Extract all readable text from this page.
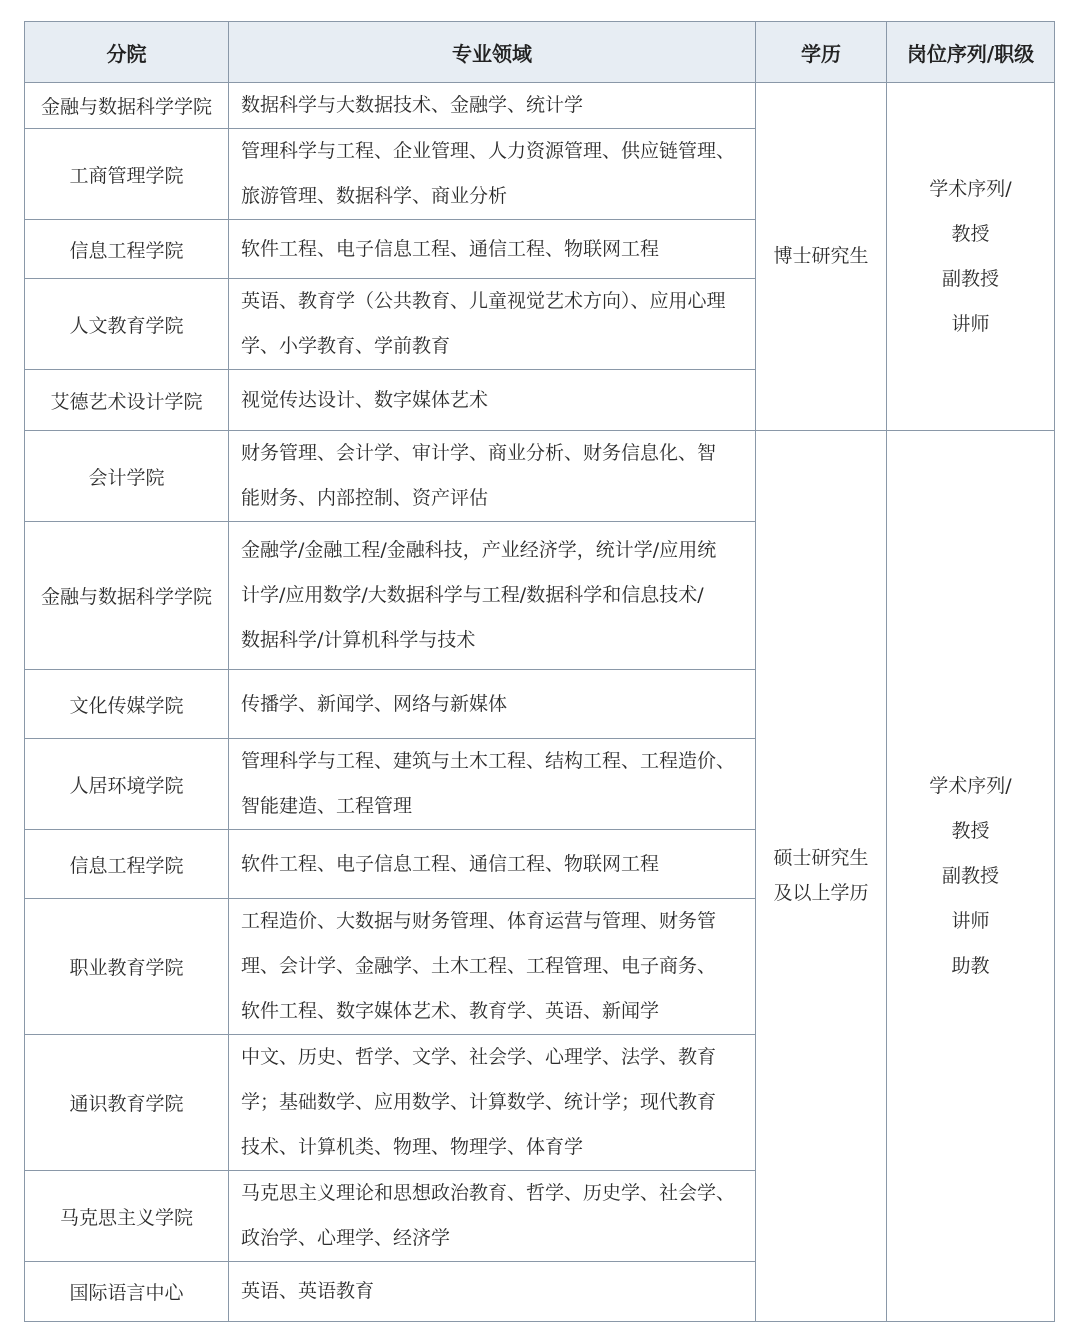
分院	专业领域	学历	岗位序列/职级
金融与数据科学学院	数据科学与大数据技术、金融学、统计学	博士研究生	学术序列/
教授
副教授
讲师

工商管理学院	管理科学与工程、企业管理、人力资源管理、供应链管理、
旅游管理、数据科学、商业分析		

信息工程学院	软件工程、电子信息工程、通信工程、物联网工程		

人文教育学院	英语、教育学（公共教育、儿童视觉艺术方向）、应用心理
学、小学教育、学前教育		

艾德艺术设计学院	视觉传达设计、数字媒体艺术		

会计学院	财务管理、会计学、审计学、商业分析、财务信息化、智
能财务、内部控制、资产评估	硕士研究生
及以上学历	学术序列/
教授
副教授
讲师
助教

金融与数据科学学院	金融学/金融工程/金融科技，产业经济学，统计学/应用统
计学/应用数学/大数据科学与工程/数据科学和信息技术/
数据科学/计算机科学与技术		

文化传媒学院	传播学、新闻学、网络与新媒体		

人居环境学院	管理科学与工程、建筑与土木工程、结构工程、工程造价、
智能建造、工程管理		

信息工程学院	软件工程、电子信息工程、通信工程、物联网工程		

职业教育学院	工程造价、大数据与财务管理、体育运营与管理、财务管
理、会计学、金融学、土木工程、工程管理、电子商务、
软件工程、数字媒体艺术、教育学、英语、新闻学		

通识教育学院	中文、历史、哲学、文学、社会学、心理学、法学、教育
学；基础数学、应用数学、计算数学、统计学；现代教育
技术、计算机类、物理、物理学、体育学		

马克思主义学院	马克思主义理论和思想政治教育、哲学、历史学、社会学、
政治学、心理学、经济学		

国际语言中心	英语、英语教育		
